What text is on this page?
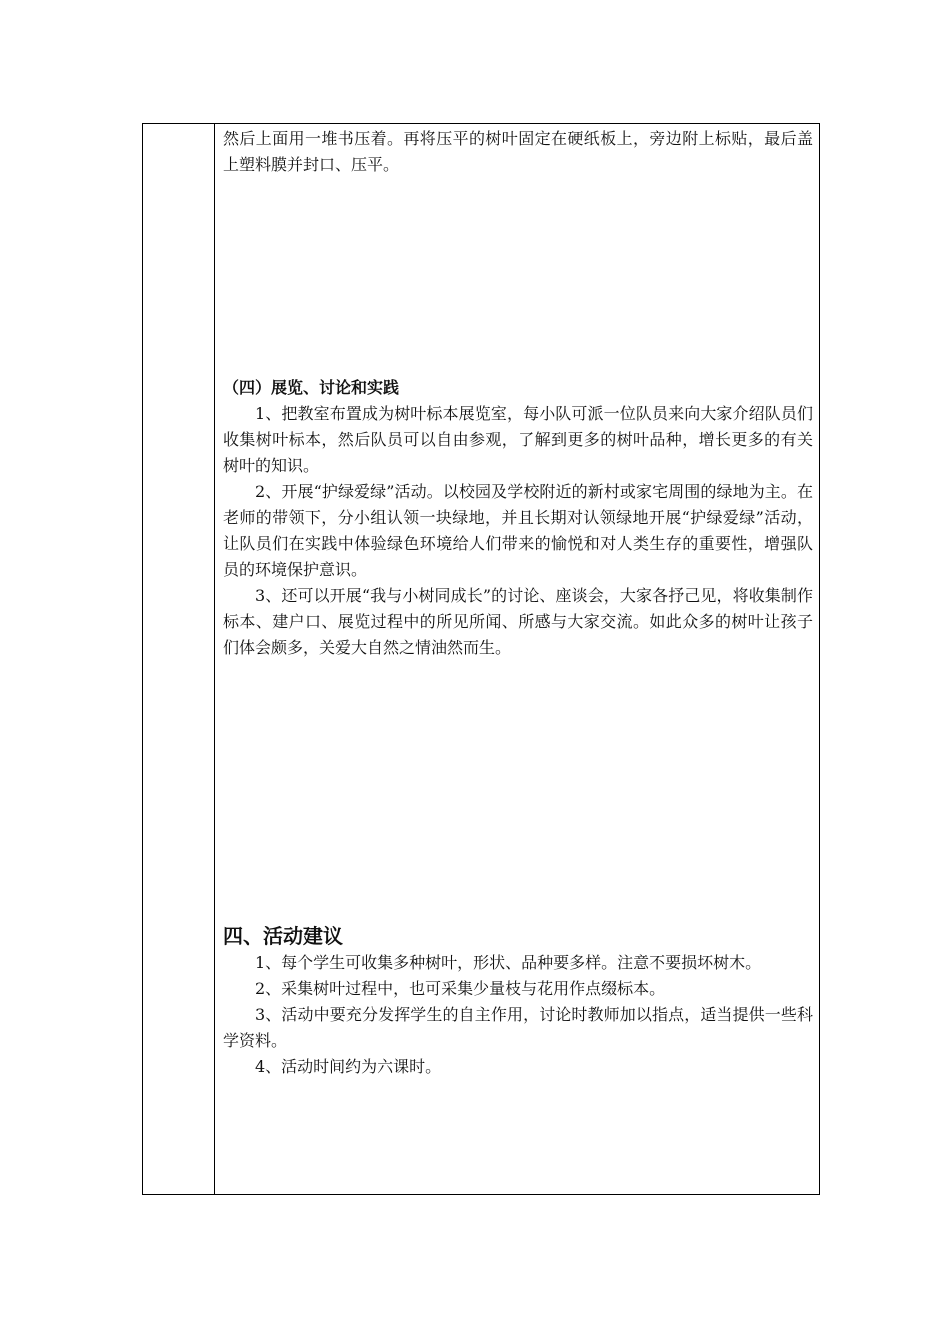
然后上面用一堆书压着。再将压平的树叶固定在硬纸板上，旁边附上标贴，最后盖上塑料膜并封口、压平。

（四）展览、讨论和实践

1、把教室布置成为树叶标本展览室，每小队可派一位队员来向大家介绍队员们收集树叶标本，然后队员可以自由参观，了解到更多的树叶品种，增长更多的有关树叶的知识。

2、开展“护绿爱绿”活动。以校园及学校附近的新村或家宅周围的绿地为主。在老师的带领下，分小组认领一块绿地，并且长期对认领绿地开展“护绿爱绿”活动，让队员们在实践中体验绿色环境给人们带来的愉悦和对人类生存的重要性，增强队员的环境保护意识。

3、还可以开展“我与小树同成长”的讨论、座谈会，大家各抒己见，将收集制作标本、建户口、展览过程中的所见所闻、所感与大家交流。如此众多的树叶让孩子们体会颇多，关爱大自然之情油然而生。

四、活动建议

1、每个学生可收集多种树叶，形状、品种要多样。注意不要损坏树木。

2、采集树叶过程中，也可采集少量枝与花用作点缀标本。

3、活动中要充分发挥学生的自主作用，讨论时教师加以指点，适当提供一些科学资料。

4、活动时间约为六课时。
